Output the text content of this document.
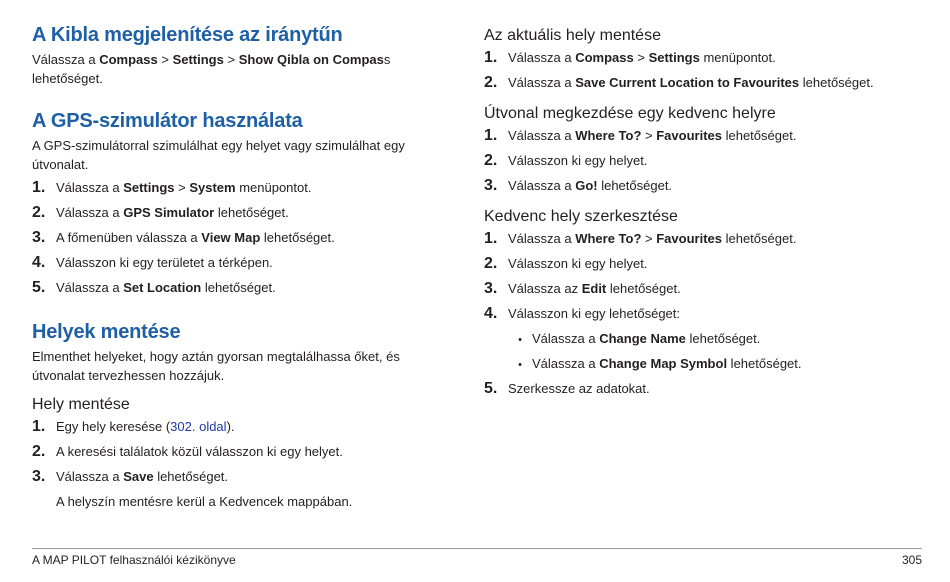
A Kibla megjelenítése az iránytűn

Válassza a Compass > Settings > Show Qibla on Compass lehetőséget.

A GPS-szimulátor használata

A GPS-szimulátorral szimulálhat egy helyet vagy szimulálhat egy útvonalat.

1. Válassza a Settings > System menüpontot.
2. Válassza a GPS Simulator lehetőséget.
3. A főmenüben válassza a View Map lehetőséget.
4. Válasszon ki egy területet a térképen.
5. Válassza a Set Location lehetőséget.
Helyek mentése

Elmenthet helyeket, hogy aztán gyorsan megtalálhassa őket, és útvonalat tervezhessen hozzájuk.

Hely mentése
1. Egy hely keresése (302. oldal).
2. A keresési találatok közül válasszon ki egy helyet.
3. Válassza a Save lehetőséget.
A helyszín mentésre kerül a Kedvencek mappában.
Az aktuális hely mentése
1. Válassza a Compass > Settings menüpontot.
2. Válassza a Save Current Location to Favourites lehetőséget.
Útvonal megkezdése egy kedvenc helyre
1. Válassza a Where To? > Favourites lehetőséget.
2. Válasszon ki egy helyet.
3. Válassza a Go! lehetőséget.
Kedvenc hely szerkesztése
1. Válassza a Where To? > Favourites lehetőséget.
2. Válasszon ki egy helyet.
3. Válassza az Edit lehetőséget.
4. Válasszon ki egy lehetőséget:
• Válassza a Change Name lehetőséget.
• Válassza a Change Map Symbol lehetőséget.
5. Szerkessze az adatokat.
A MAP PILOT felhasználói kézikönyve	305
